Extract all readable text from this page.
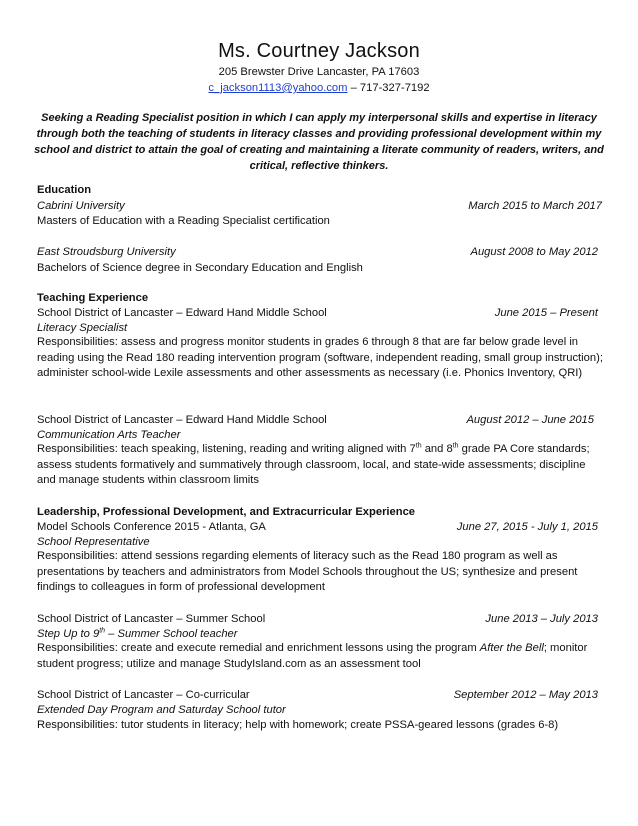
Ms. Courtney Jackson
205 Brewster Drive Lancaster, PA 17603
c_jackson1113@yahoo.com – 717-327-7192
Seeking a Reading Specialist position in which I can apply my interpersonal skills and expertise in literacy through both the teaching of students in literacy classes and providing professional development within my school and district to attain the goal of creating and maintaining a literate community of readers, writers, and critical, reflective thinkers.
Education
Cabrini University	March 2015 to March 2017
Masters of Education with a Reading Specialist certification
East Stroudsburg University	August 2008 to May 2012
Bachelors of Science degree in Secondary Education and English
Teaching Experience
School District of Lancaster – Edward Hand Middle School	June 2015 – Present
Literacy Specialist
Responsibilities: assess and progress monitor students in grades 6 through 8 that are far below grade level in reading using the Read 180 reading intervention program (software, independent reading, small group instruction); administer school-wide Lexile assessments and other assessments as necessary (i.e. Phonics Inventory, QRI)
School District of Lancaster – Edward Hand Middle School	August 2012 – June 2015
Communication Arts Teacher
Responsibilities: teach speaking, listening, reading and writing aligned with 7th and 8th grade PA Core standards; assess students formatively and summatively through classroom, local, and state-wide assessments; discipline and manage students within classroom limits
Leadership, Professional Development, and Extracurricular Experience
Model Schools Conference 2015 - Atlanta, GA	June 27, 2015 - July 1, 2015
School Representative
Responsibilities: attend sessions regarding elements of literacy such as the Read 180 program as well as presentations by teachers and administrators from Model Schools throughout the US; synthesize and present findings to colleagues in form of professional development
School District of Lancaster – Summer School	June 2013 – July 2013
Step Up to 9th – Summer School teacher
Responsibilities: create and execute remedial and enrichment lessons using the program After the Bell; monitor student progress; utilize and manage StudyIsland.com as an assessment tool
School District of Lancaster – Co-curricular	September 2012 – May 2013
Extended Day Program and Saturday School tutor
Responsibilities: tutor students in literacy; help with homework; create PSSA-geared lessons (grades 6-8)
